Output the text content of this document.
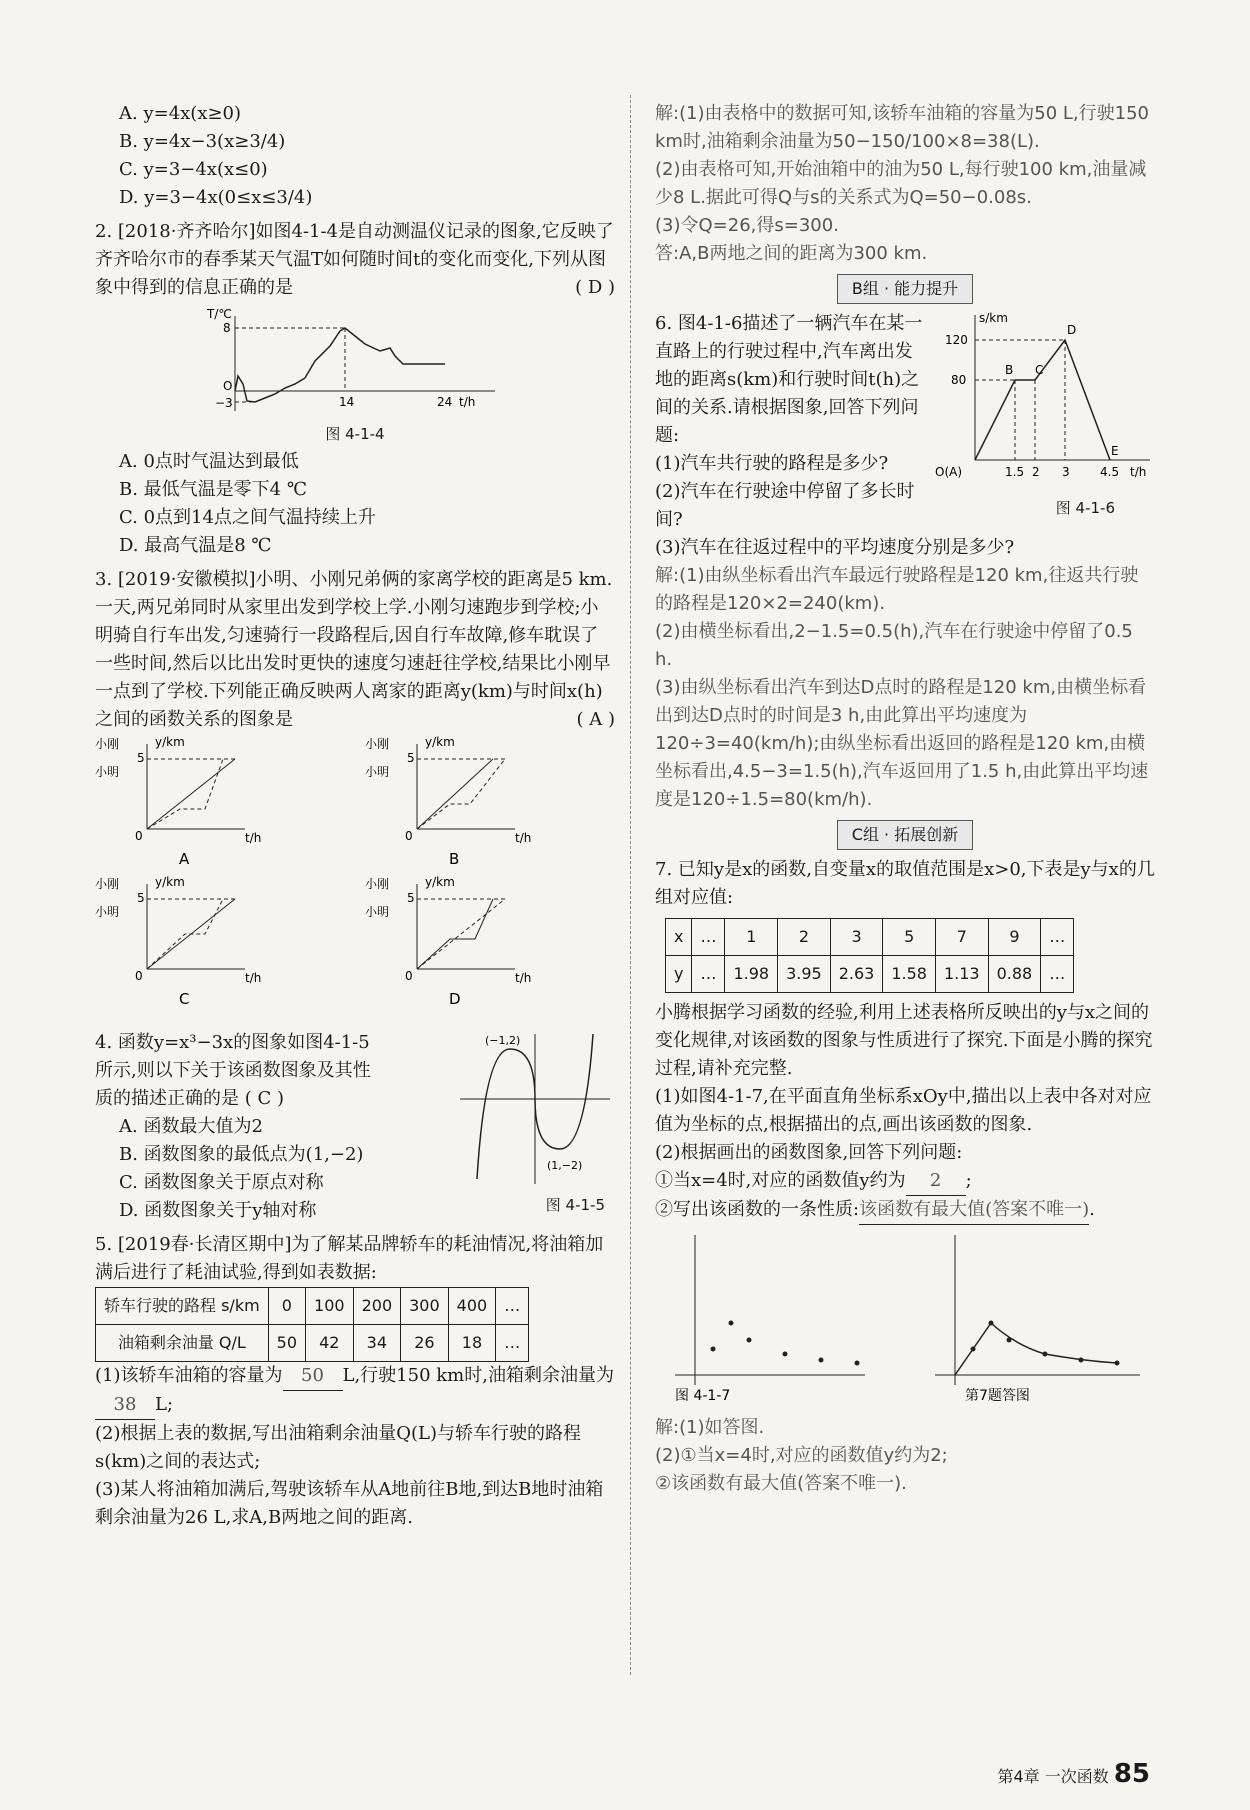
A. y=4x(x≥0)

B. y=4x−3(x≥3/4)

C. y=3−4x(x≤0)

D. y=3−4x(0≤x≤3/4)

2. [2018·齐齐哈尔]如图4-1-4是自动测温仪记录的图象,它反映了齐齐哈尔市的春季某天气温T如何随时间t的变化而变化,下列从图象中得到的信息正确的是	( D )

T/℃
8
O
−3	14	24 t/h

图 4-1-4

A. 0点时气温达到最低

B. 最低气温是零下4 ℃

C. 0点到14点之间气温持续上升

D. 最高气温是8 ℃

3. [2019·安徽模拟]小明、小刚兄弟俩的家离学校的距离是5 km.一天,两兄弟同时从家里出发到学校上学.小刚匀速跑步到学校;小明骑自行车出发,匀速骑行一段路程后,因自行车故障,修车耽误了一些时间,然后以比出发时更快的速度匀速赶往学校,结果比小刚早一点到了学校.下列能正确反映两人离家的距离y(km)与时间x(h)之间的函数关系的图象是	( A )

小刚
小明
y/km
5
0	t/h
A
小刚
小明
y/km
5
0	t/h
B
小刚
小明
y/km
5
0	t/h
C
小刚
小明
y/km
5
0	t/h
D

4. 函数y=x³−3x的图象如图4-1-5所示,则以下关于该函数图象及其性质的描述正确的是 ( C )

(−1,2)
(1,−2)

图 4-1-5

A. 函数最大值为2

B. 函数图象的最低点为(1,−2)

C. 函数图象关于原点对称

D. 函数图象关于y轴对称

5. [2019春·长清区期中]为了解某品牌轿车的耗油情况,将油箱加满后进行了耗油试验,得到如表数据:

轿车行驶的路程 s/km	0	100	200	300	400	…
油箱剩余油量 Q/L	50	42	34	26	18	…

(1)该轿车油箱的容量为 50 L,行驶150 km时,油箱剩余油量为38 L;

(2)根据上表的数据,写出油箱剩余油量Q(L)与轿车行驶的路程s(km)之间的表达式;

(3)某人将油箱加满后,驾驶该轿车从A地前往B地,到达B地时油箱剩余油量为26 L,求A,B两地之间的距离.

解:(1)由表格中的数据可知,该轿车油箱的容量为50 L,行驶150 km时,油箱剩余油量为50−150/100×8=38(L).

(2)由表格可知,开始油箱中的油为50 L,每行驶100 km,油量减少8 L.据此可得Q与s的关系式为Q=50−0.08s.

(3)令Q=26,得s=300.

答:A,B两地之间的距离为300 km.

B组 · 能力提升

6. 图4-1-6描述了一辆汽车在某一直路上的行驶过程中,汽车离出发地的距离s(km)和行驶时间t(h)之间的关系.请根据图象,回答下列问题:

(1)汽车共行驶的路程是多少?

(2)汽车在行驶途中停留了多长时间?

s/km
120
80
O(A)	1.5 2 3	4.5 t/h
B C
D
E

图 4-1-6

(3)汽车在往返过程中的平均速度分别是多少?

解:(1)由纵坐标看出汽车最远行驶路程是120 km,往返共行驶的路程是120×2=240(km).

(2)由横坐标看出,2−1.5=0.5(h),汽车在行驶途中停留了0.5 h.

(3)由纵坐标看出汽车到达D点时的路程是120 km,由横坐标看出到达D点时的时间是3 h,由此算出平均速度为120÷3=40(km/h);由纵坐标看出返回的路程是120 km,由横坐标看出,4.5−3=1.5(h),汽车返回用了1.5 h,由此算出平均速度是120÷1.5=80(km/h).

C组 · 拓展创新

7. 已知y是x的函数,自变量x的取值范围是x>0,下表是y与x的几组对应值:

x	…	1	2	3	5	7	9	…
y	…	1.98	3.95	2.63	1.58	1.13	0.88	…

小腾根据学习函数的经验,利用上述表格所反映出的y与x之间的变化规律,对该函数的图象与性质进行了探究.下面是小腾的探究过程,请补充完整.

(1)如图4-1-7,在平面直角坐标系xOy中,描出以上表中各对对应值为坐标的点,根据描出的点,画出该函数的图象.

(2)根据画出的函数图象,回答下列问题:

①当x=4时,对应的函数值y约为 2 ;

②写出该函数的一条性质:该函数有最大值(答案不唯一).

图 4-1-7	第7题答图

解:(1)如答图.

(2)①当x=4时,对应的函数值y约为2;

②该函数有最大值(答案不唯一).

第4章 一次函数 85
